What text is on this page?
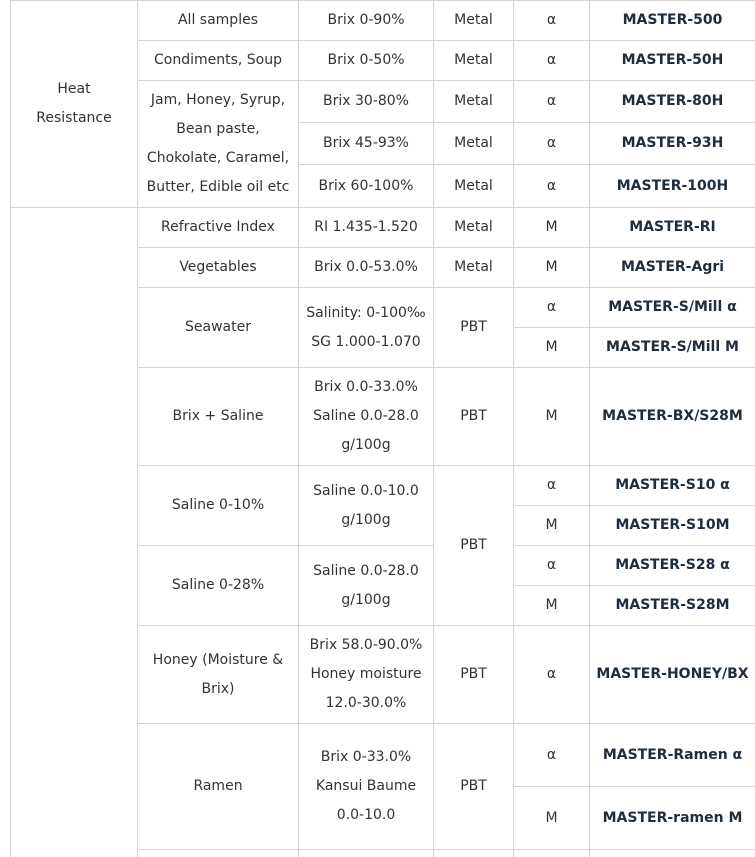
Heat
Resistance	All samples	Brix 0-90%	Metal	α	MASTER-500
	Condiments, Soup	Brix 0-50%	Metal	α	MASTER-50H

	Jam, Honey, Syrup,
Bean paste,
Chokolate, Caramel,
Butter, Edible oil etc	Brix 30-80%	Metal	α	MASTER-80H
		Brix 45-93%	Metal	α	MASTER-93H
		Brix 60-100%	Metal	α	MASTER-100H
	Refractive Index	RI 1.435-1.520	Metal	M	MASTER-RI
	Vegetables	Brix 0.0-53.0%	Metal	M	MASTER-Agri
	Seawater	Salinity: 0-100‰
SG 1.000-1.070	PBT	α	MASTER-S/Mill α
				M	MASTER-S/Mill M
	Brix + Saline	Brix 0.0-33.0%
Saline 0.0-28.0
g/100g	PBT	M	MASTER-BX/S28M
	Saline 0-10%	Saline 0.0-10.0
g/100g	PBT	α	MASTER-S10 α
				M	MASTER-S10M
	Saline 0-28%	Saline 0.0-28.0
g/100g		α	MASTER-S28 α
				M	MASTER-S28M

	Honey (Moisture &
Brix)	Brix 58.0-90.0%
Honey moisture
12.0-30.0%	PBT	α	MASTER-HONEY/BX
	Ramen	Brix 0-33.0%
Kansui Baume
0.0-10.0	PBT	α	MASTER-Ramen α
				M	MASTER-ramen M
